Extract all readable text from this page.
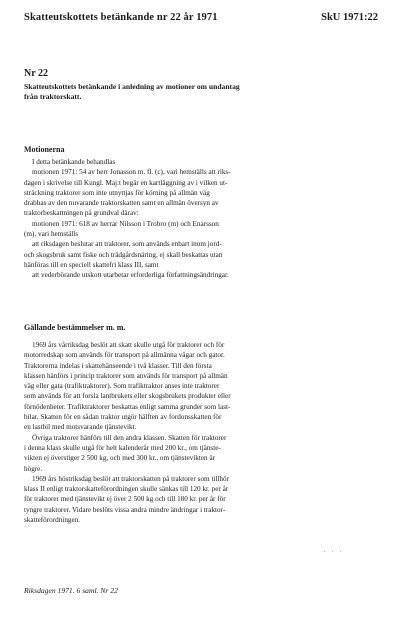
Skatteutskottets betänkande nr 22 år 1971	SkU 1971:22
Nr 22
Skatteutskottets betänkande i anledning av motioner om undantag
från traktorskatt.
Motionerna
I detta betänkande behandlas
motionen 1971: 54 av herr Jonasson m. fl. (c), vari hemställs att riks-
dagen i skrivelse till Kungl. Maj:t begär en kartläggning av i vilken ut-
sträckning traktorer som inte utnyttjas för körning på allmän väg
drabbas av den nuvarande traktorskatten samt en allmän översyn av
traktorbeskattningen på grundval därav:
motionen 1971: 618 av herrar Nilsson i Trobro (m) och Enarsson
(m), vari hemställs
att riksdagen beslutar att traktorer, som används enbart inom jord-
och skogsbruk samt fiske och trädgårdsnäring, ej skall beskattas utan
hänföras till en speciell skattefri klass III, samt
att vederbörande utskott utarbetar erforderliga författningsändringar.
Gällande bestämmelser m. m.
1969 års vårriksdag beslöt att skatt skulle utgå för traktorer och för
motorredskap som används för transport på allmänna vägar och gator.
Traktorerna indelas i skattehänseende i två klasser. Till den första
klassen hänförs i princip traktorer som används för transport på allmän
väg eller gata (trafiktraktorer). Som trafiktraktor anses inte traktorer
som används för att forsla lantbrukets eller skogsbrukets produkter eller
förnödenheter. Trafiktraktorer beskattas enligt samma grunder som last-
bilar. Skatten för en sådan traktor utgör hälften av fordonsskatten för
en lastbil med motsvarande tjänstevikt.
Övriga traktorer hänförs till den andra klassen. Skatten för traktorer
i denna klass skulle utgå för helt kalenderår med 200 kr., om tjänste-
vikten ej överstiger 2 500 kg, och med 300 kr., om tjänstevikten är
högre.
1969 års höstriksdag beslöt att traktorskatten på traktorer som tillhör
klass II enligt traktorskatteförordningen skulle sänkas till 120 kr. per år
för traktorer med tjänstevikt ej över 2 500 kg och till 180 kr. per år för
tyngre traktorer. Vidare beslöts vissa andra mindre ändringar i traktor-
skatteförordningen.
· · ·
Riksdagen 1971. 6 saml. Nr 22
